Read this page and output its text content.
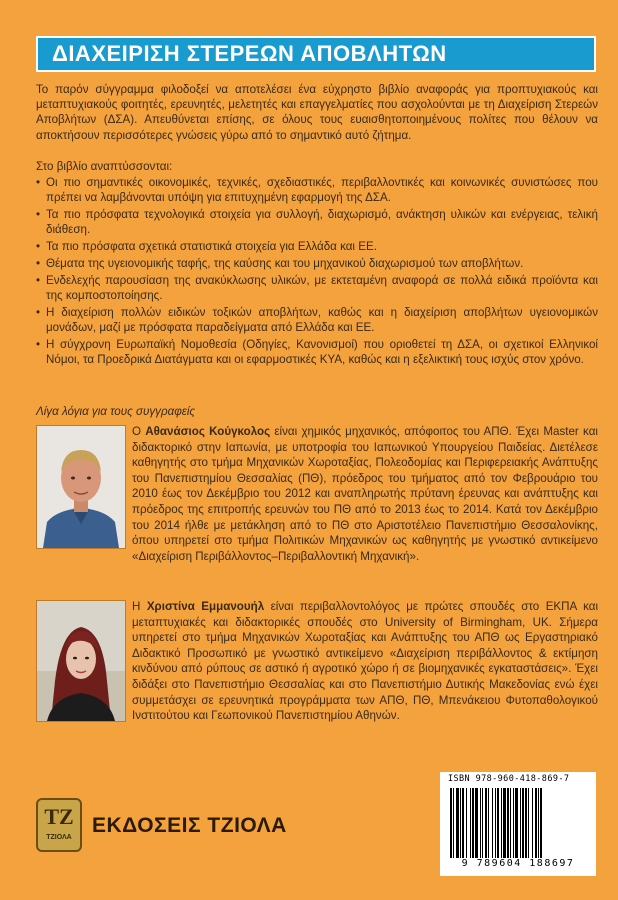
ΔΙΑΧΕΙΡΙΣΗ ΣΤΕΡΕΩΝ ΑΠΟΒΛΗΤΩΝ
Το παρόν σύγγραμμα φιλοδοξεί να αποτελέσει ένα εύχρηστο βιβλίο αναφοράς για προπτυχιακούς και μεταπτυχιακούς φοιτητές, ερευνητές, μελετητές και επαγγελματίες που ασχολούνται με τη Διαχείριση Στερεών Αποβλήτων (ΔΣΑ). Απευθύνεται επίσης, σε όλους τους ευαισθητοποιημένους πολίτες που θέλουν να αποκτήσουν περισσότερες γνώσεις γύρω από το σημαντικό αυτό ζήτημα.
Στο βιβλίο αναπτύσσονται:
• Οι πιο σημαντικές οικονομικές, τεχνικές, σχεδιαστικές, περιβαλλοντικές και κοινωνικές συνιστώσες που πρέπει να λαμβάνονται υπόψη για επιτυχημένη εφαρμογή της ΔΣΑ.
• Τα πιο πρόσφατα τεχνολογικά στοιχεία για συλλογή, διαχωρισμό, ανάκτηση υλικών και ενέργειας, τελική διάθεση.
• Τα πιο πρόσφατα σχετικά στατιστικά στοιχεία για Ελλάδα και ΕΕ.
• Θέματα της υγειονομικής ταφής, της καύσης και του μηχανικού διαχωρισμού των αποβλήτων.
• Ενδελεχής παρουσίαση της ανακύκλωσης υλικών, με εκτεταμένη αναφορά σε πολλά ειδικά προϊόντα και της κομποστοποίησης.
• Η διαχείριση πολλών ειδικών τοξικών αποβλήτων, καθώς και η διαχείριση αποβλήτων υγειονομικών μονάδων, μαζί με πρόσφατα παραδείγματα από Ελλάδα και ΕΕ.
• Η σύγχρονη Ευρωπαϊκή Νομοθεσία (Οδηγίες, Κανονισμοί) που οριοθετεί τη ΔΣΑ, οι σχετικοί Ελληνικοί Νόμοι, τα Προεδρικά Διατάγματα και οι εφαρμοστικές ΚΥΑ, καθώς και η εξελικτική τους ισχύς στον χρόνο.
Λίγα λόγια για τους συγγραφείς
Ο Αθανάσιος Κούγκολος είναι χημικός μηχανικός, απόφοιτος του ΑΠΘ. Έχει Master και διδακτορικό στην Ιαπωνία, με υποτροφία του Ιαπωνικού Υπουργείου Παιδείας. Διετέλεσε καθηγητής στο τμήμα Μηχανικών Χωροταξίας, Πολεοδομίας και Περιφερειακής Ανάπτυξης του Πανεπιστημίου Θεσσαλίας (ΠΘ), πρόεδρος του τμήματος από τον Φεβρουάριο του 2010 έως τον Δεκέμβριο του 2012 και αναπληρωτής πρύτανη έρευνας και ανάπτυξης και πρόεδρος της επιτροπής ερευνών του ΠΘ από το 2013 έως το 2014. Κατά τον Δεκέμβριο του 2014 ήλθε με μετάκληση από το ΠΘ στο Αριστοτέλειο Πανεπιστήμιο Θεσσαλονίκης, όπου υπηρετεί στο τμήμα Πολιτικών Μηχανικών ως καθηγητής με γνωστικό αντικείμενο «Διαχείριση Περιβάλλοντος–Περιβαλλοντική Μηχανική».
Η Χριστίνα Εμμανουήλ είναι περιβαλλοντολόγος με πρώτες σπουδές στο ΕΚΠΑ και μεταπτυχιακές και διδακτορικές σπουδές στο University of Birmingham, UK. Σήμερα υπηρετεί στο τμήμα Μηχανικών Χωροταξίας και Ανάπτυξης του ΑΠΘ ως Εργαστηριακό Διδακτικό Προσωπικό με γνωστικό αντικείμενο «Διαχείριση περιβάλλοντος & εκτίμηση κινδύνου από ρύπους σε αστικό ή αγροτικό χώρο ή σε βιομηχανικές εγκαταστάσεις». Έχει διδάξει στο Πανεπιστήμιο Θεσσαλίας και στο Πανεπιστήμιο Δυτικής Μακεδονίας ενώ έχει συμμετάσχει σε ερευνητικά προγράμματα των ΑΠΘ, ΠΘ, Μπενάκειου Φυτοπαθολογικού Ινστιτούτου και Γεωπονικού Πανεπιστημίου Αθηνών.
ΤΖ
ΤΖΙΟΛΑ
ΕΚΔΟΣΕΙΣ ΤΖΙΟΛΑ
ISBN 978-960-418-869-7
9 789604 188697
